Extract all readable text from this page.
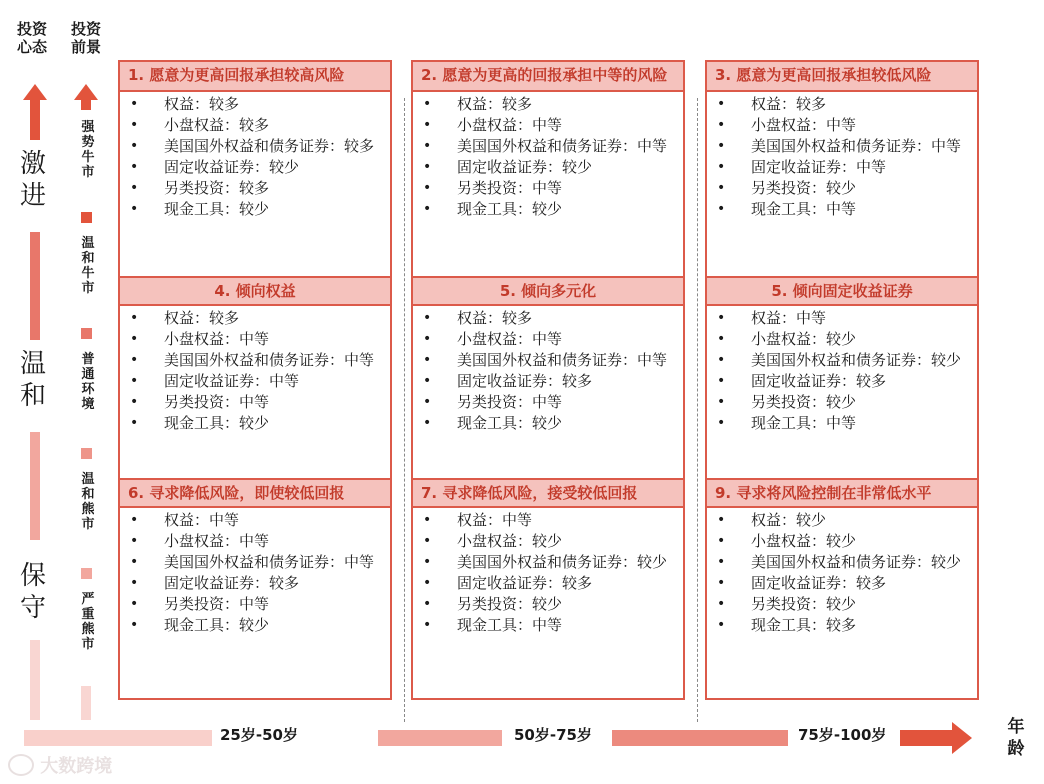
投资
心态
投资
前景
激
进
温
和
保
守
强
势
牛
市
温
和
牛
市
普
通
环
境
温
和
熊
市
严
重
熊
市
1. 愿意为更高回报承担较高风险
• 权益：较多
• 小盘权益：较多
• 美国国外权益和债务证券：较多
• 固定收益证券：较少
• 另类投资：较多
• 现金工具：较少
4. 倾向权益
• 权益：较多
• 小盘权益：中等
• 美国国外权益和债务证券：中等
• 固定收益证券：中等
• 另类投资：中等
• 现金工具：较少
6. 寻求降低风险，即使较低回报
• 权益：中等
• 小盘权益：中等
• 美国国外权益和债务证券：中等
• 固定收益证券：较多
• 另类投资：中等
• 现金工具：较少
2. 愿意为更高的回报承担中等的风险
• 权益：较多
• 小盘权益：中等
• 美国国外权益和债务证券：中等
• 固定收益证券：较少
• 另类投资：中等
• 现金工具：较少
5. 倾向多元化
• 权益：较多
• 小盘权益：中等
• 美国国外权益和债务证券：中等
• 固定收益证券：较多
• 另类投资：中等
• 现金工具：较少
7. 寻求降低风险，接受较低回报
• 权益：中等
• 小盘权益：较少
• 美国国外权益和债务证券：较少
• 固定收益证券：较多
• 另类投资：较少
• 现金工具：中等
3. 愿意为更高回报承担较低风险
• 权益：较多
• 小盘权益：中等
• 美国国外权益和债务证券：中等
• 固定收益证券：中等
• 另类投资：较少
• 现金工具：中等
5. 倾向固定收益证券
• 权益：中等
• 小盘权益：较少
• 美国国外权益和债务证券：较少
• 固定收益证券：较多
• 另类投资：较少
• 现金工具：中等
9. 寻求将风险控制在非常低水平
• 权益：较少
• 小盘权益：较少
• 美国国外权益和债务证券：较少
• 固定收益证券：较多
• 另类投资：较少
• 现金工具：较多
25岁-50岁	50岁-75岁	75岁-100岁	年
龄
大数跨境
